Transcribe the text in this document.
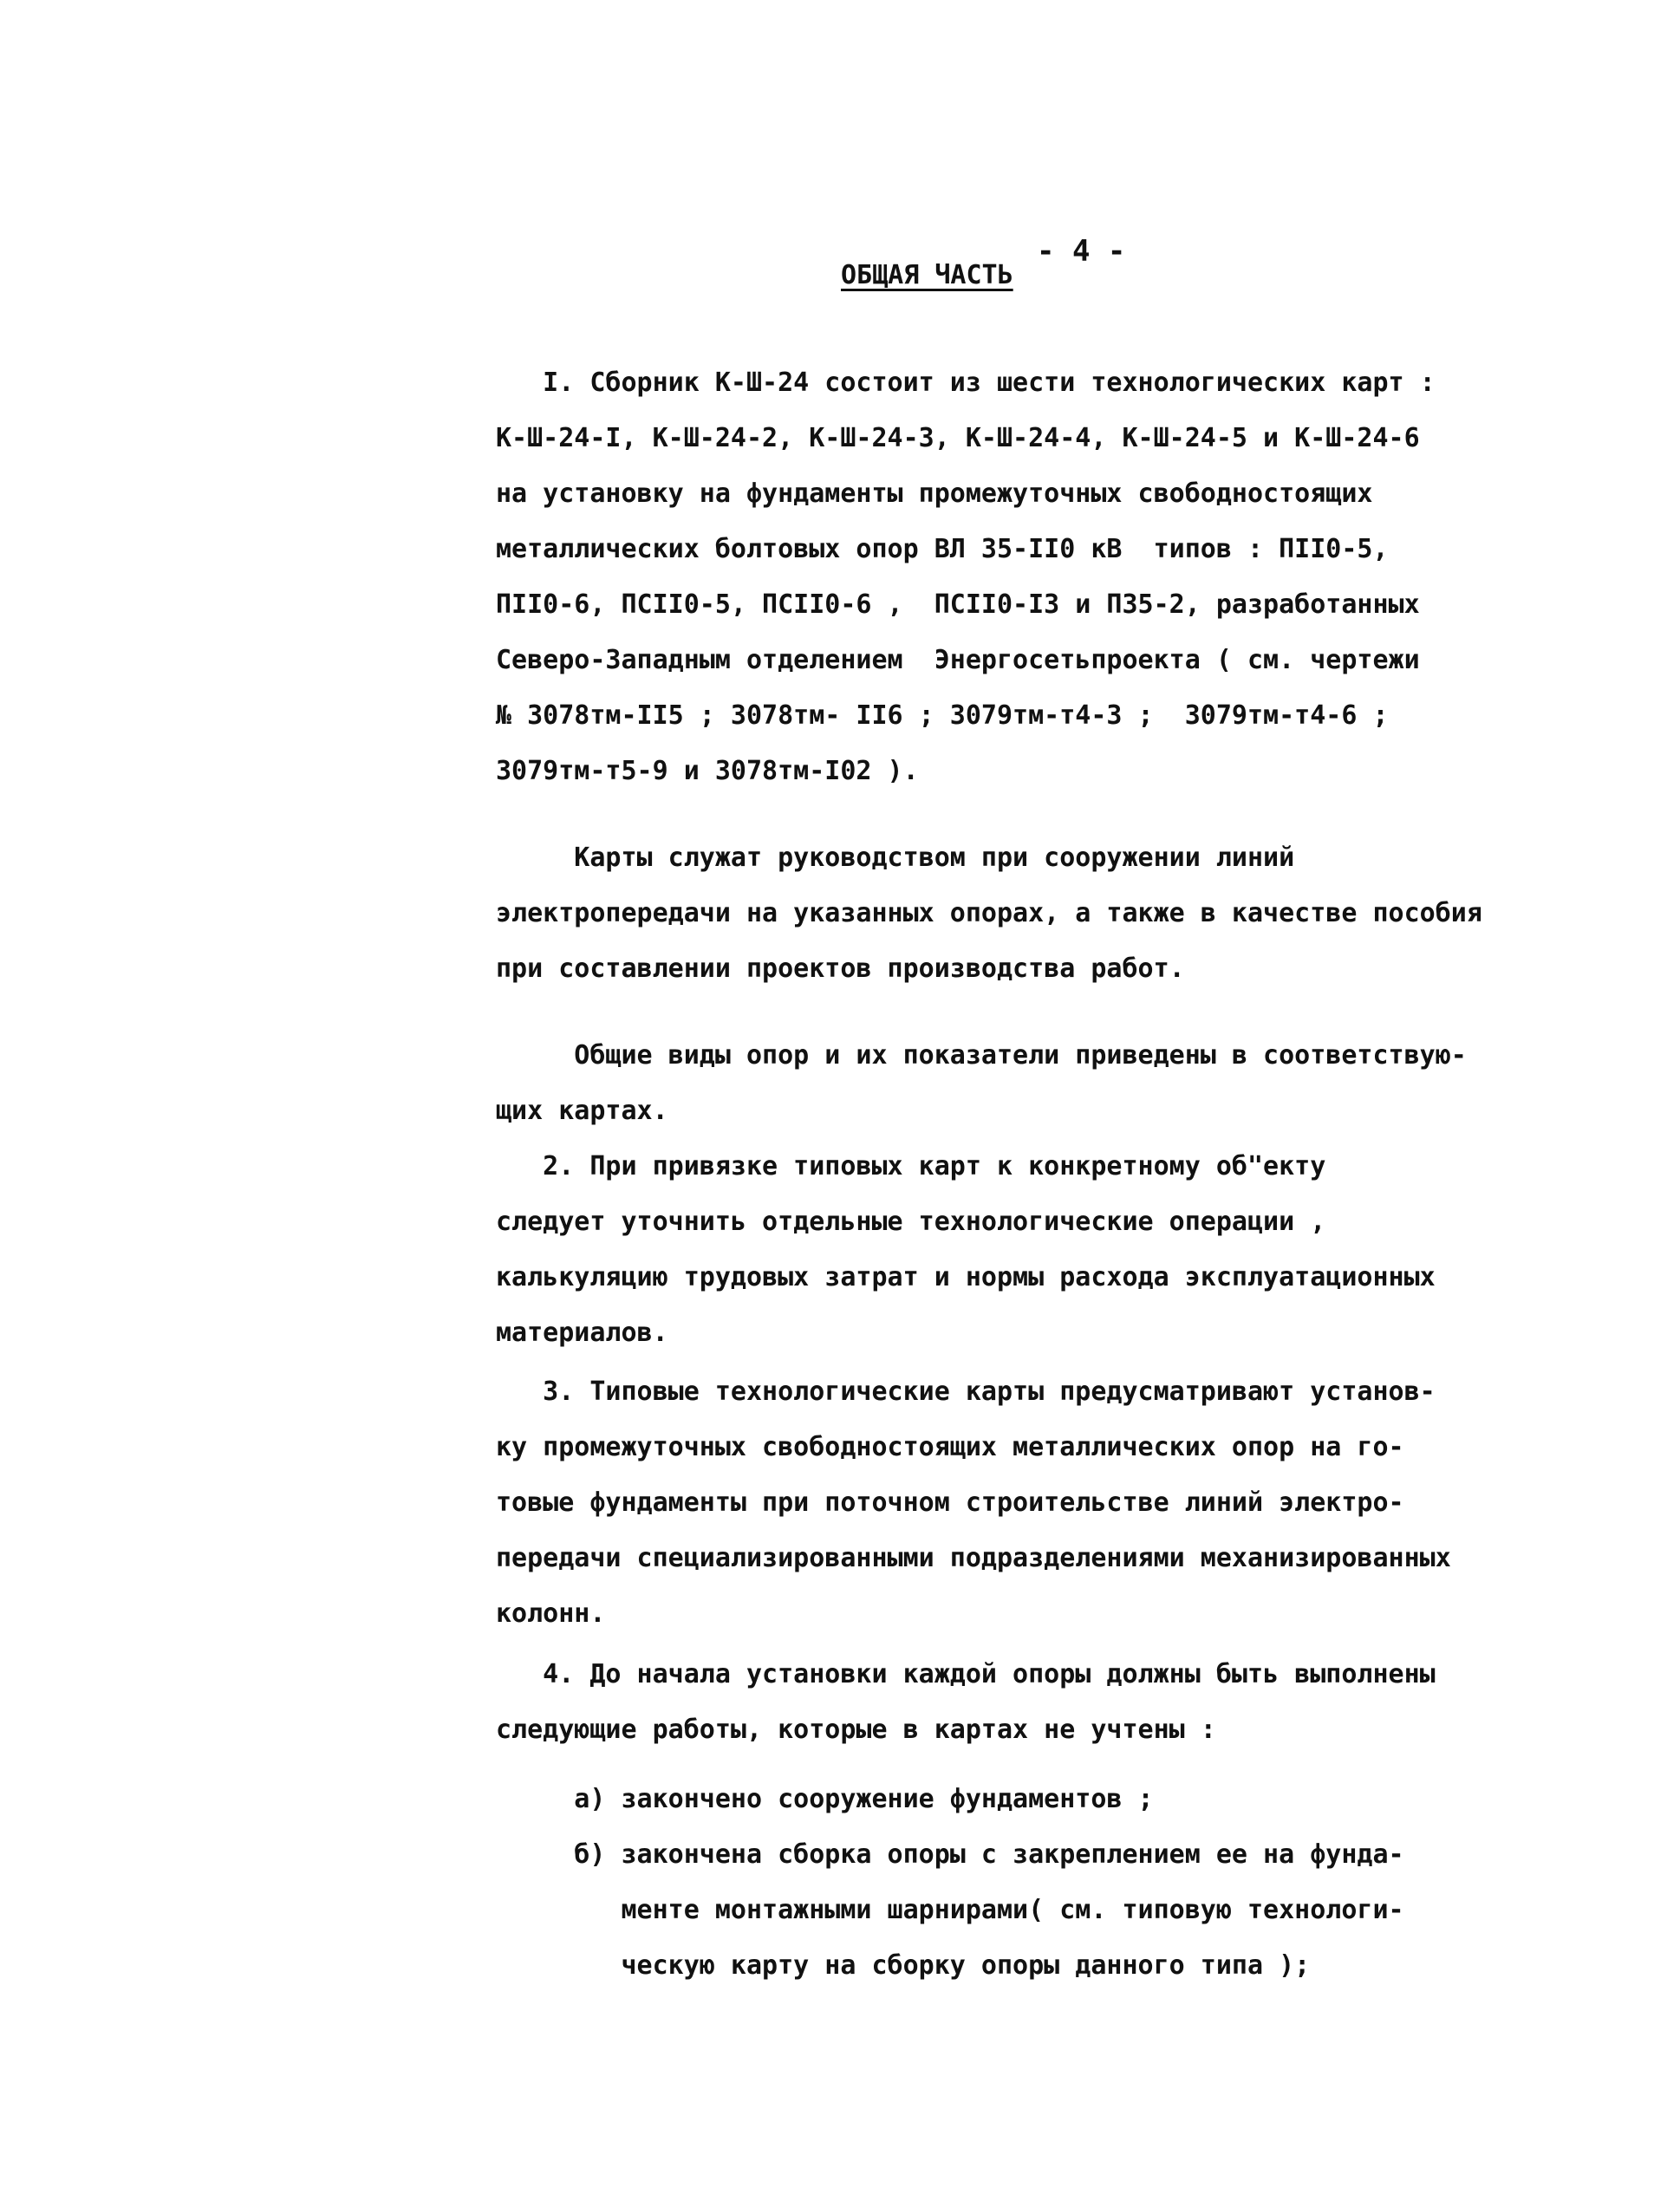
- 4 -
ОБЩАЯ ЧАСТЬ
I. Сборник К-Ш-24 состоит из шести технологических карт :
К-Ш-24-I, К-Ш-24-2, К-Ш-24-3, К-Ш-24-4, К-Ш-24-5 и К-Ш-24-6
на установку на фундаменты промежуточных свободностоящих
металлических болтовых опор ВЛ 35-II0 кВ  типов : ПII0-5,
ПII0-6, ПСII0-5, ПСII0-6 ,  ПСII0-I3 и П35-2, разработанных
Северо-Западным отделением  Энергосетьпроекта ( см. чертежи
№ 3078тм-II5 ; 3078тм- II6 ; 3079тм-т4-3 ;  3079тм-т4-6 ;
3079тм-т5-9 и 3078тм-I02 ).
Карты служат руководством при сооружении линий
электропередачи на указанных опорах, а также в качестве пособия
при составлении проектов производства работ.
Общие виды опор и их показатели приведены в соответствую-
щих картах.
2. При привязке типовых карт к конкретному об"екту
следует уточнить отдельные технологические операции ,
калькуляцию трудовых затрат и нормы расхода эксплуатационных
материалов.
3. Типовые технологические карты предусматривают установ-
ку промежуточных свободностоящих металлических опор на го-
товые фундаменты при поточном строительстве линий электро-
передачи специализированными подразделениями механизированных
колонн.
4. До начала установки каждой опоры должны быть выполнены
следующие работы, которые в картах не учтены :
а) закончено сооружение фундаментов ;
б) закончена сборка опоры с закреплением ее на фунда-
менте монтажными шарнирами( см. типовую технологи-
ческую карту на сборку опоры данного типа );
